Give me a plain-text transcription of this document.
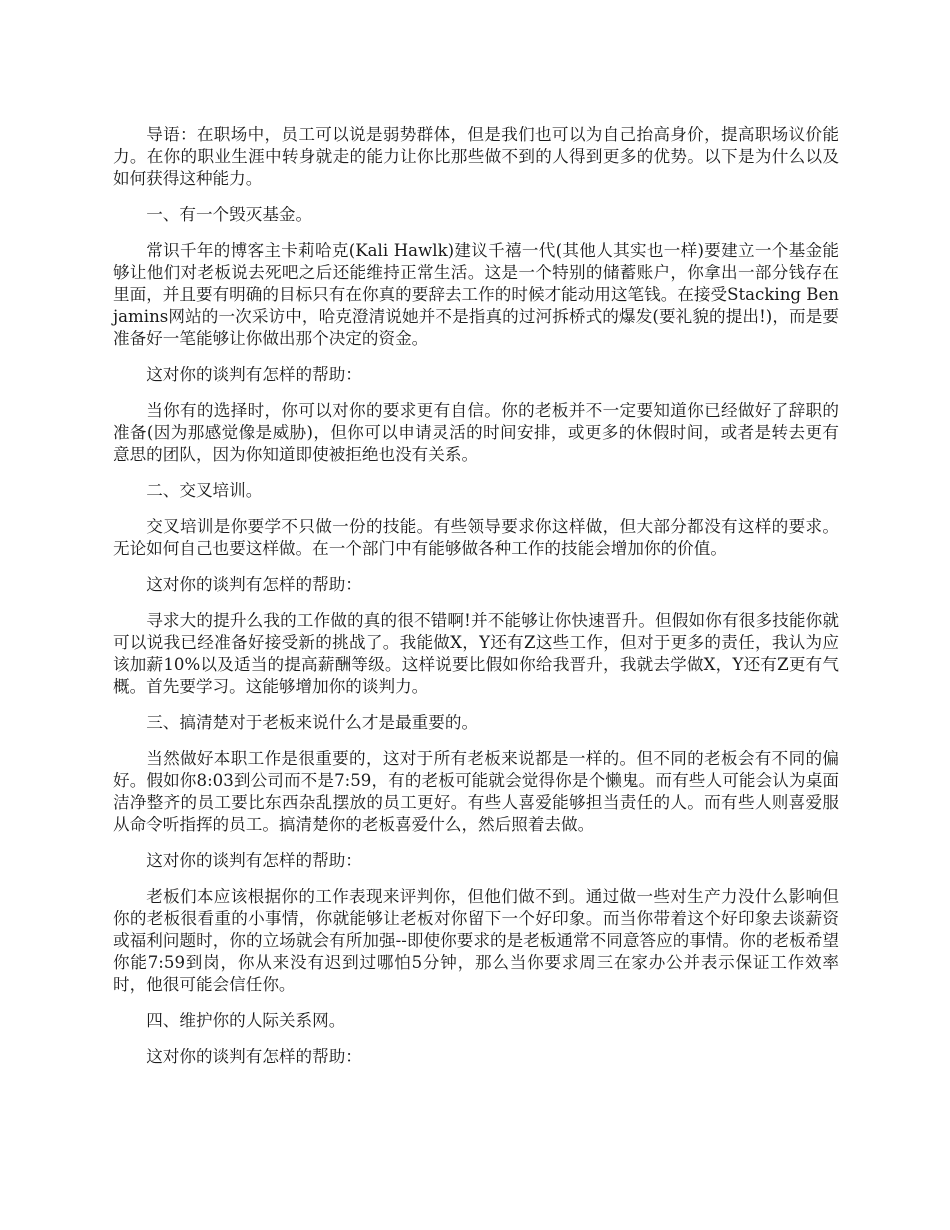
导语：在职场中，员工可以说是弱势群体，但是我们也可以为自己抬高身价，提高职场议价能力。在你的职业生涯中转身就走的能力让你比那些做不到的人得到更多的优势。以下是为什么以及如何获得这种能力。

一、有一个毁灭基金。

常识千年的博客主卡莉哈克(Kali Hawlk)建议千禧一代(其他人其实也一样)要建立一个基金能够让他们对老板说去死吧之后还能维持正常生活。这是一个特别的储蓄账户，你拿出一部分钱存在里面，并且要有明确的目标只有在你真的要辞去工作的时候才能动用这笔钱。在接受Stacking Benjamins网站的一次采访中，哈克澄清说她并不是指真的过河拆桥式的爆发(要礼貌的提出!)，而是要准备好一笔能够让你做出那个决定的资金。

这对你的谈判有怎样的帮助：

当你有的选择时，你可以对你的要求更有自信。你的老板并不一定要知道你已经做好了辞职的准备(因为那感觉像是威胁)，但你可以申请灵活的时间安排，或更多的休假时间，或者是转去更有意思的团队，因为你知道即使被拒绝也没有关系。

二、交叉培训。

交叉培训是你要学不只做一份的技能。有些领导要求你这样做，但大部分都没有这样的要求。无论如何自己也要这样做。在一个部门中有能够做各种工作的技能会增加你的价值。

这对你的谈判有怎样的帮助：

寻求大的提升么我的工作做的真的很不错啊!并不能够让你快速晋升。但假如你有很多技能你就可以说我已经准备好接受新的挑战了。我能做X，Y还有Z这些工作，但对于更多的责任，我认为应该加薪10%以及适当的提高薪酬等级。这样说要比假如你给我晋升，我就去学做X，Y还有Z更有气概。首先要学习。这能够增加你的谈判力。

三、搞清楚对于老板来说什么才是最重要的。

当然做好本职工作是很重要的，这对于所有老板来说都是一样的。但不同的老板会有不同的偏好。假如你8:03到公司而不是7:59，有的老板可能就会觉得你是个懒鬼。而有些人可能会认为桌面洁净整齐的员工要比东西杂乱摆放的员工更好。有些人喜爱能够担当责任的人。而有些人则喜爱服从命令听指挥的员工。搞清楚你的老板喜爱什么，然后照着去做。

这对你的谈判有怎样的帮助：

老板们本应该根据你的工作表现来评判你，但他们做不到。通过做一些对生产力没什么影响但你的老板很看重的小事情，你就能够让老板对你留下一个好印象。而当你带着这个好印象去谈薪资或福利问题时，你的立场就会有所加强--即使你要求的是老板通常不同意答应的事情。你的老板希望你能7:59到岗，你从来没有迟到过哪怕5分钟，那么当你要求周三在家办公并表示保证工作效率时，他很可能会信任你。

四、维护你的人际关系网。

这对你的谈判有怎样的帮助：
